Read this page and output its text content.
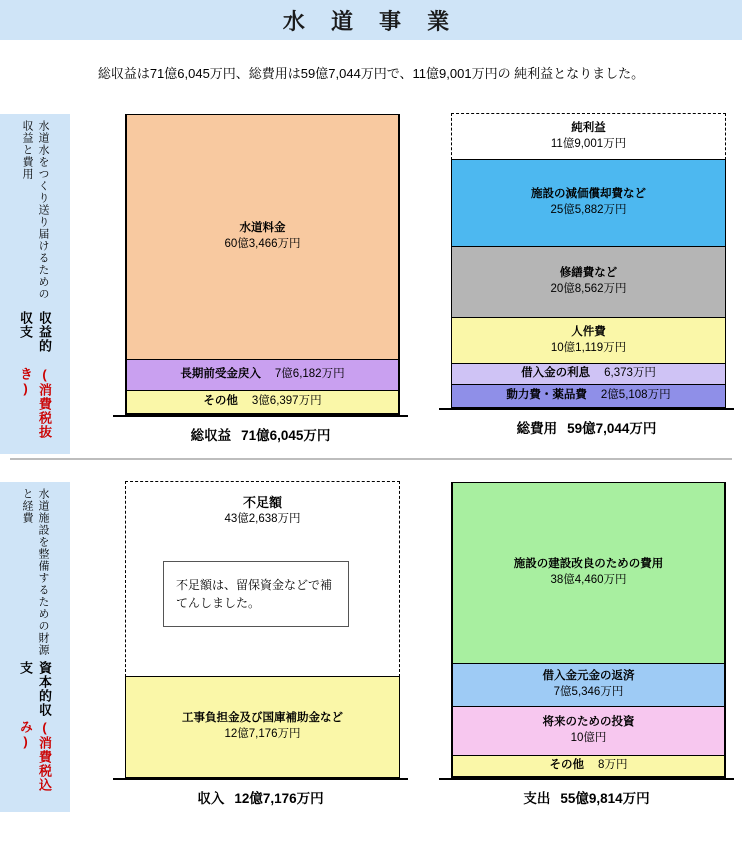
水 道 事 業
総収益は71億6,045万円、総費用は59億7,044万円で、11億9,001万円の 純利益となりました。
水道水をつくり送り届けるための収益と費用
収益的収支
(消費税抜き)
水道料金
60億3,466万円
長期前受金戻入 7億6,182万円
その他 3億6,397万円
総収益 71億6,045万円
純利益
11億9,001万円
施設の減価償却費など
25億5,882万円
修繕費など
20億8,562万円
人件費
10億1,119万円
借入金の利息 6,373万円
動力費・薬品費 2億5,108万円
総費用 59億7,044万円
水道施設を整備するための財源と経費
資本的収支
(消費税込み)
不足額
43億2,638万円
工事負担金及び国庫補助金など
12億7,176万円
不足額は、留保資金などで補てんしました。
収入 12億7,176万円
施設の建設改良のための費用
38億4,460万円
借入金元金の返済
7億5,346万円
将来のための投資
10億円
その他 8万円
支出 55億9,814万円
